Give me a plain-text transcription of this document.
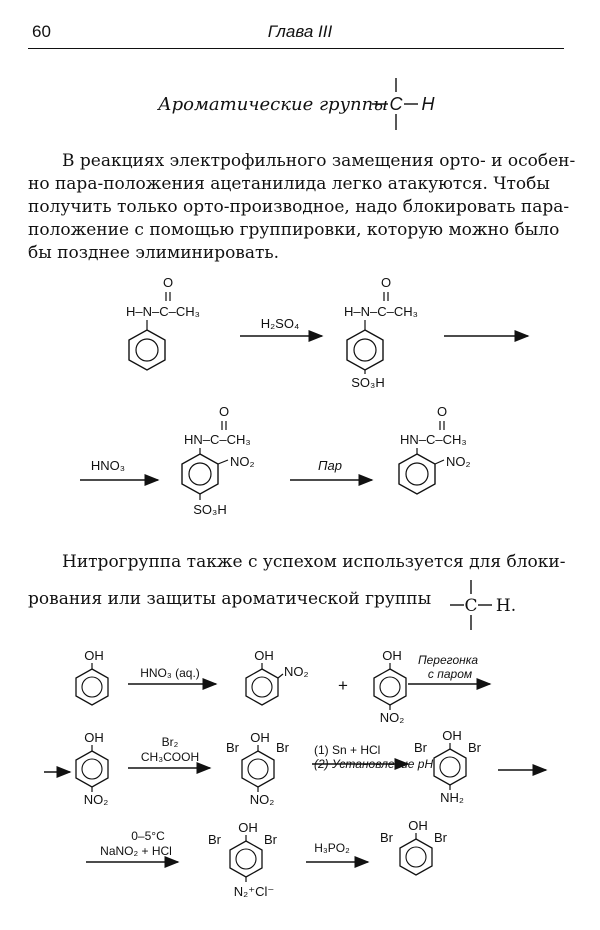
60	Глава III
Ароматические группы C H
В реакциях электрофильного замещения орто- и особен-
но пара-положения ацетанилида легко атакуются. Чтобы
получить только орто-производное, надо блокировать пара-
положение с помощью группировки, которую можно было
бы позднее элиминировать.
O
H–N–C–CH₃
H₂SO₄
O
H–N–C–CH₃
SO₃H
HNO₃
O
HN–C–CH₃
NO₂
SO₃H
Пар
O
HN–C–CH₃
NO₂
Нитрогруппа также с успехом используется для блоки-
рования или защиты ароматической группы	C H.
OH
HNO₃ (aq.)
OH
NO₂
+
OH
NO₂
Перегонка
с паром
OH
NO₂
Br₂
CH₃COOH
OH
Br	Br
NO₂
(1) Sn + HCl
(2) Установление pH
OH
Br	Br
NH₂
0–5°C
NaNO₂ + HCl
OH
Br	Br
N₂⁺Cl⁻
H₃PO₂
OH
Br	Br
